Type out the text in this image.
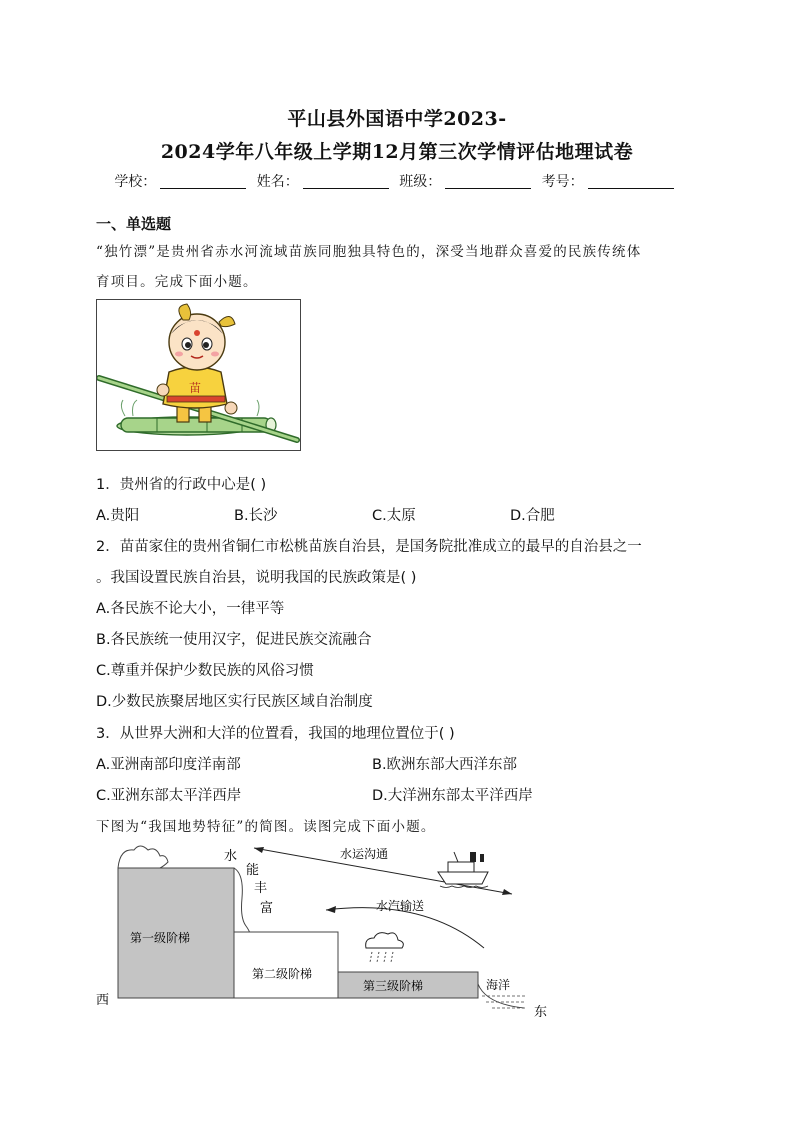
平山县外国语中学2023-
2024学年八年级上学期12月第三次学情评估地理试卷
学校：	姓名：	班级：	考号：
一、单选题
“独竹漂”是贵州省赤水河流域苗族同胞独具特色的，深受当地群众喜爱的民族传统体
育项目。完成下面小题。
苗
1．贵州省的行政中心是( )
A.贵阳	B.长沙	C.太原	D.合肥
2．苗苗家住的贵州省铜仁市松桃苗族自治县，是国务院批准成立的最早的自治县之一
。我国设置民族自治县，说明我国的民族政策是( )
A.各民族不论大小，一律平等
B.各民族统一使用汉字，促进民族交流融合
C.尊重并保护少数民族的风俗习惯
D.少数民族聚居地区实行民族区域自治制度
3．从世界大洲和大洋的位置看，我国的地理位置位于( )
A.亚洲南部印度洋南部	B.欧洲东部大西洋东部
C.亚洲东部太平洋西岸	D.大洋洲东部太平洋西岸
下图为“我国地势特征”的简图。读图完成下面小题。
第一级阶梯
第二级阶梯
第三级阶梯	海洋
西
东
水
能
丰
富
水运沟通
水汽输送
